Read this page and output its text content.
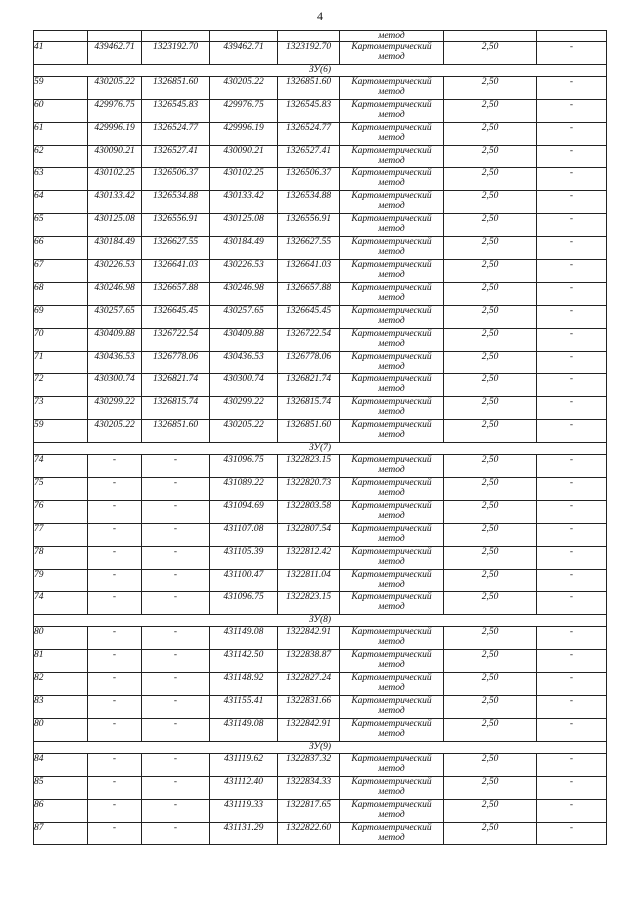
4
					метод		
41	439462.71	1323192.70	439462.71	1323192.70	Картометрический
метод	2,50	-
ЗУ(6)							
59	430205.22	1326851.60	430205.22	1326851.60	Картометрический
метод	2,50	-
60	429976.75	1326545.83	429976.75	1326545.83	Картометрический
метод	2,50	-
61	429996.19	1326524.77	429996.19	1326524.77	Картометрический
метод	2,50	-
62	430090.21	1326527.41	430090.21	1326527.41	Картометрический
метод	2,50	-
63	430102.25	1326506.37	430102.25	1326506.37	Картометрический
метод	2,50	-
64	430133.42	1326534.88	430133.42	1326534.88	Картометрический
метод	2,50	-
65	430125.08	1326556.91	430125.08	1326556.91	Картометрический
метод	2,50	-
66	430184.49	1326627.55	430184.49	1326627.55	Картометрический
метод	2,50	-
67	430226.53	1326641.03	430226.53	1326641.03	Картометрический
метод	2,50	-
68	430246.98	1326657.88	430246.98	1326657.88	Картометрический
метод	2,50	-
69	430257.65	1326645.45	430257.65	1326645.45	Картометрический
метод	2,50	-
70	430409.88	1326722.54	430409.88	1326722.54	Картометрический
метод	2,50	-
71	430436.53	1326778.06	430436.53	1326778.06	Картометрический
метод	2,50	-
72	430300.74	1326821.74	430300.74	1326821.74	Картометрический
метод	2,50	-
73	430299.22	1326815.74	430299.22	1326815.74	Картометрический
метод	2,50	-
59	430205.22	1326851.60	430205.22	1326851.60	Картометрический
метод	2,50	-
ЗУ(7)							
74	-	-	431096.75	1322823.15	Картометрический
метод	2,50	-
75	-	-	431089.22	1322820.73	Картометрический
метод	2,50	-
76	-	-	431094.69	1322803.58	Картометрический
метод	2,50	-
77	-	-	431107.08	1322807.54	Картометрический
метод	2,50	-
78	-	-	431105.39	1322812.42	Картометрический
метод	2,50	-
79	-	-	431100.47	1322811.04	Картометрический
метод	2,50	-
74	-	-	431096.75	1322823.15	Картометрический
метод	2,50	-
ЗУ(8)							
80	-	-	431149.08	1322842.91	Картометрический
метод	2,50	-
81	-	-	431142.50	1322838.87	Картометрический
метод	2,50	-
82	-	-	431148.92	1322827.24	Картометрический
метод	2,50	-
83	-	-	431155.41	1322831.66	Картометрический
метод	2,50	-
80	-	-	431149.08	1322842.91	Картометрический
метод	2,50	-
ЗУ(9)							
84	-	-	431119.62	1322837.32	Картометрический
метод	2,50	-
85	-	-	431112.40	1322834.33	Картометрический
метод	2,50	-
86	-	-	431119.33	1322817.65	Картометрический
метод	2,50	-
87	-	-	431131.29	1322822.60	Картометрический
метод	2,50	-
